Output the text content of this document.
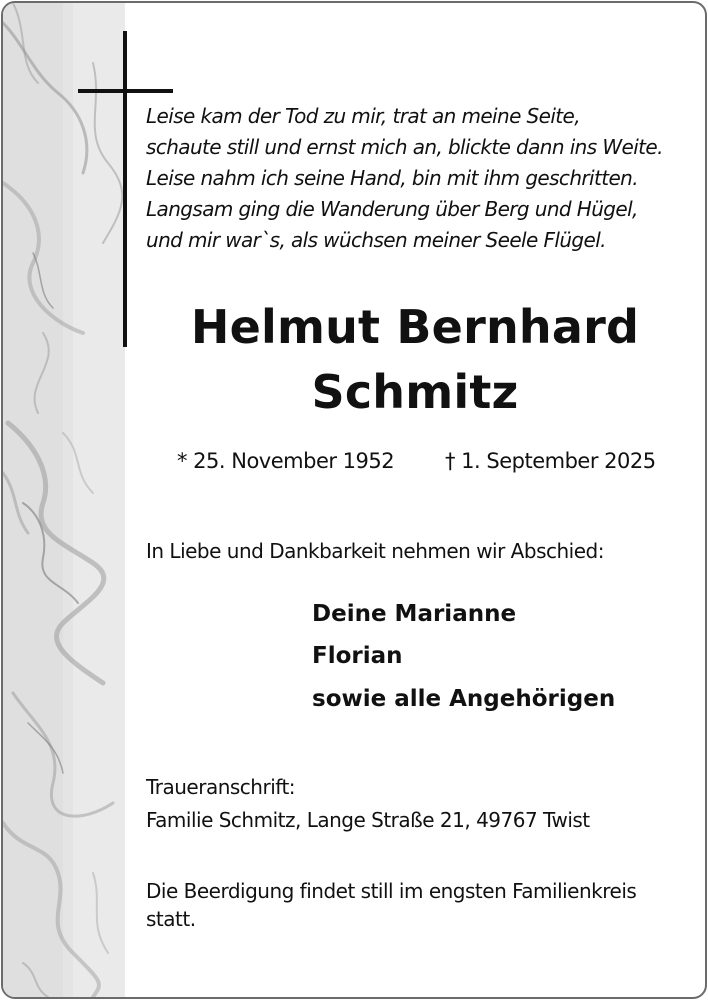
Leise kam der Tod zu mir, trat an meine Seite,
schaute still und ernst mich an, blickte dann ins Weite.
Leise nahm ich seine Hand, bin mit ihm geschritten.
Langsam ging die Wanderung über Berg und Hügel,
und mir war`s, als wüchsen meiner Seele Flügel.
Helmut Bernhard
Schmitz
* 25. November 1952 † 1. September 2025
In Liebe und Dankbarkeit nehmen wir Abschied:
Deine Marianne
Florian
sowie alle Angehörigen
Traueranschrift:
Familie Schmitz, Lange Straße 21, 49767 Twist
Die Beerdigung findet still im engsten Familienkreis statt.
